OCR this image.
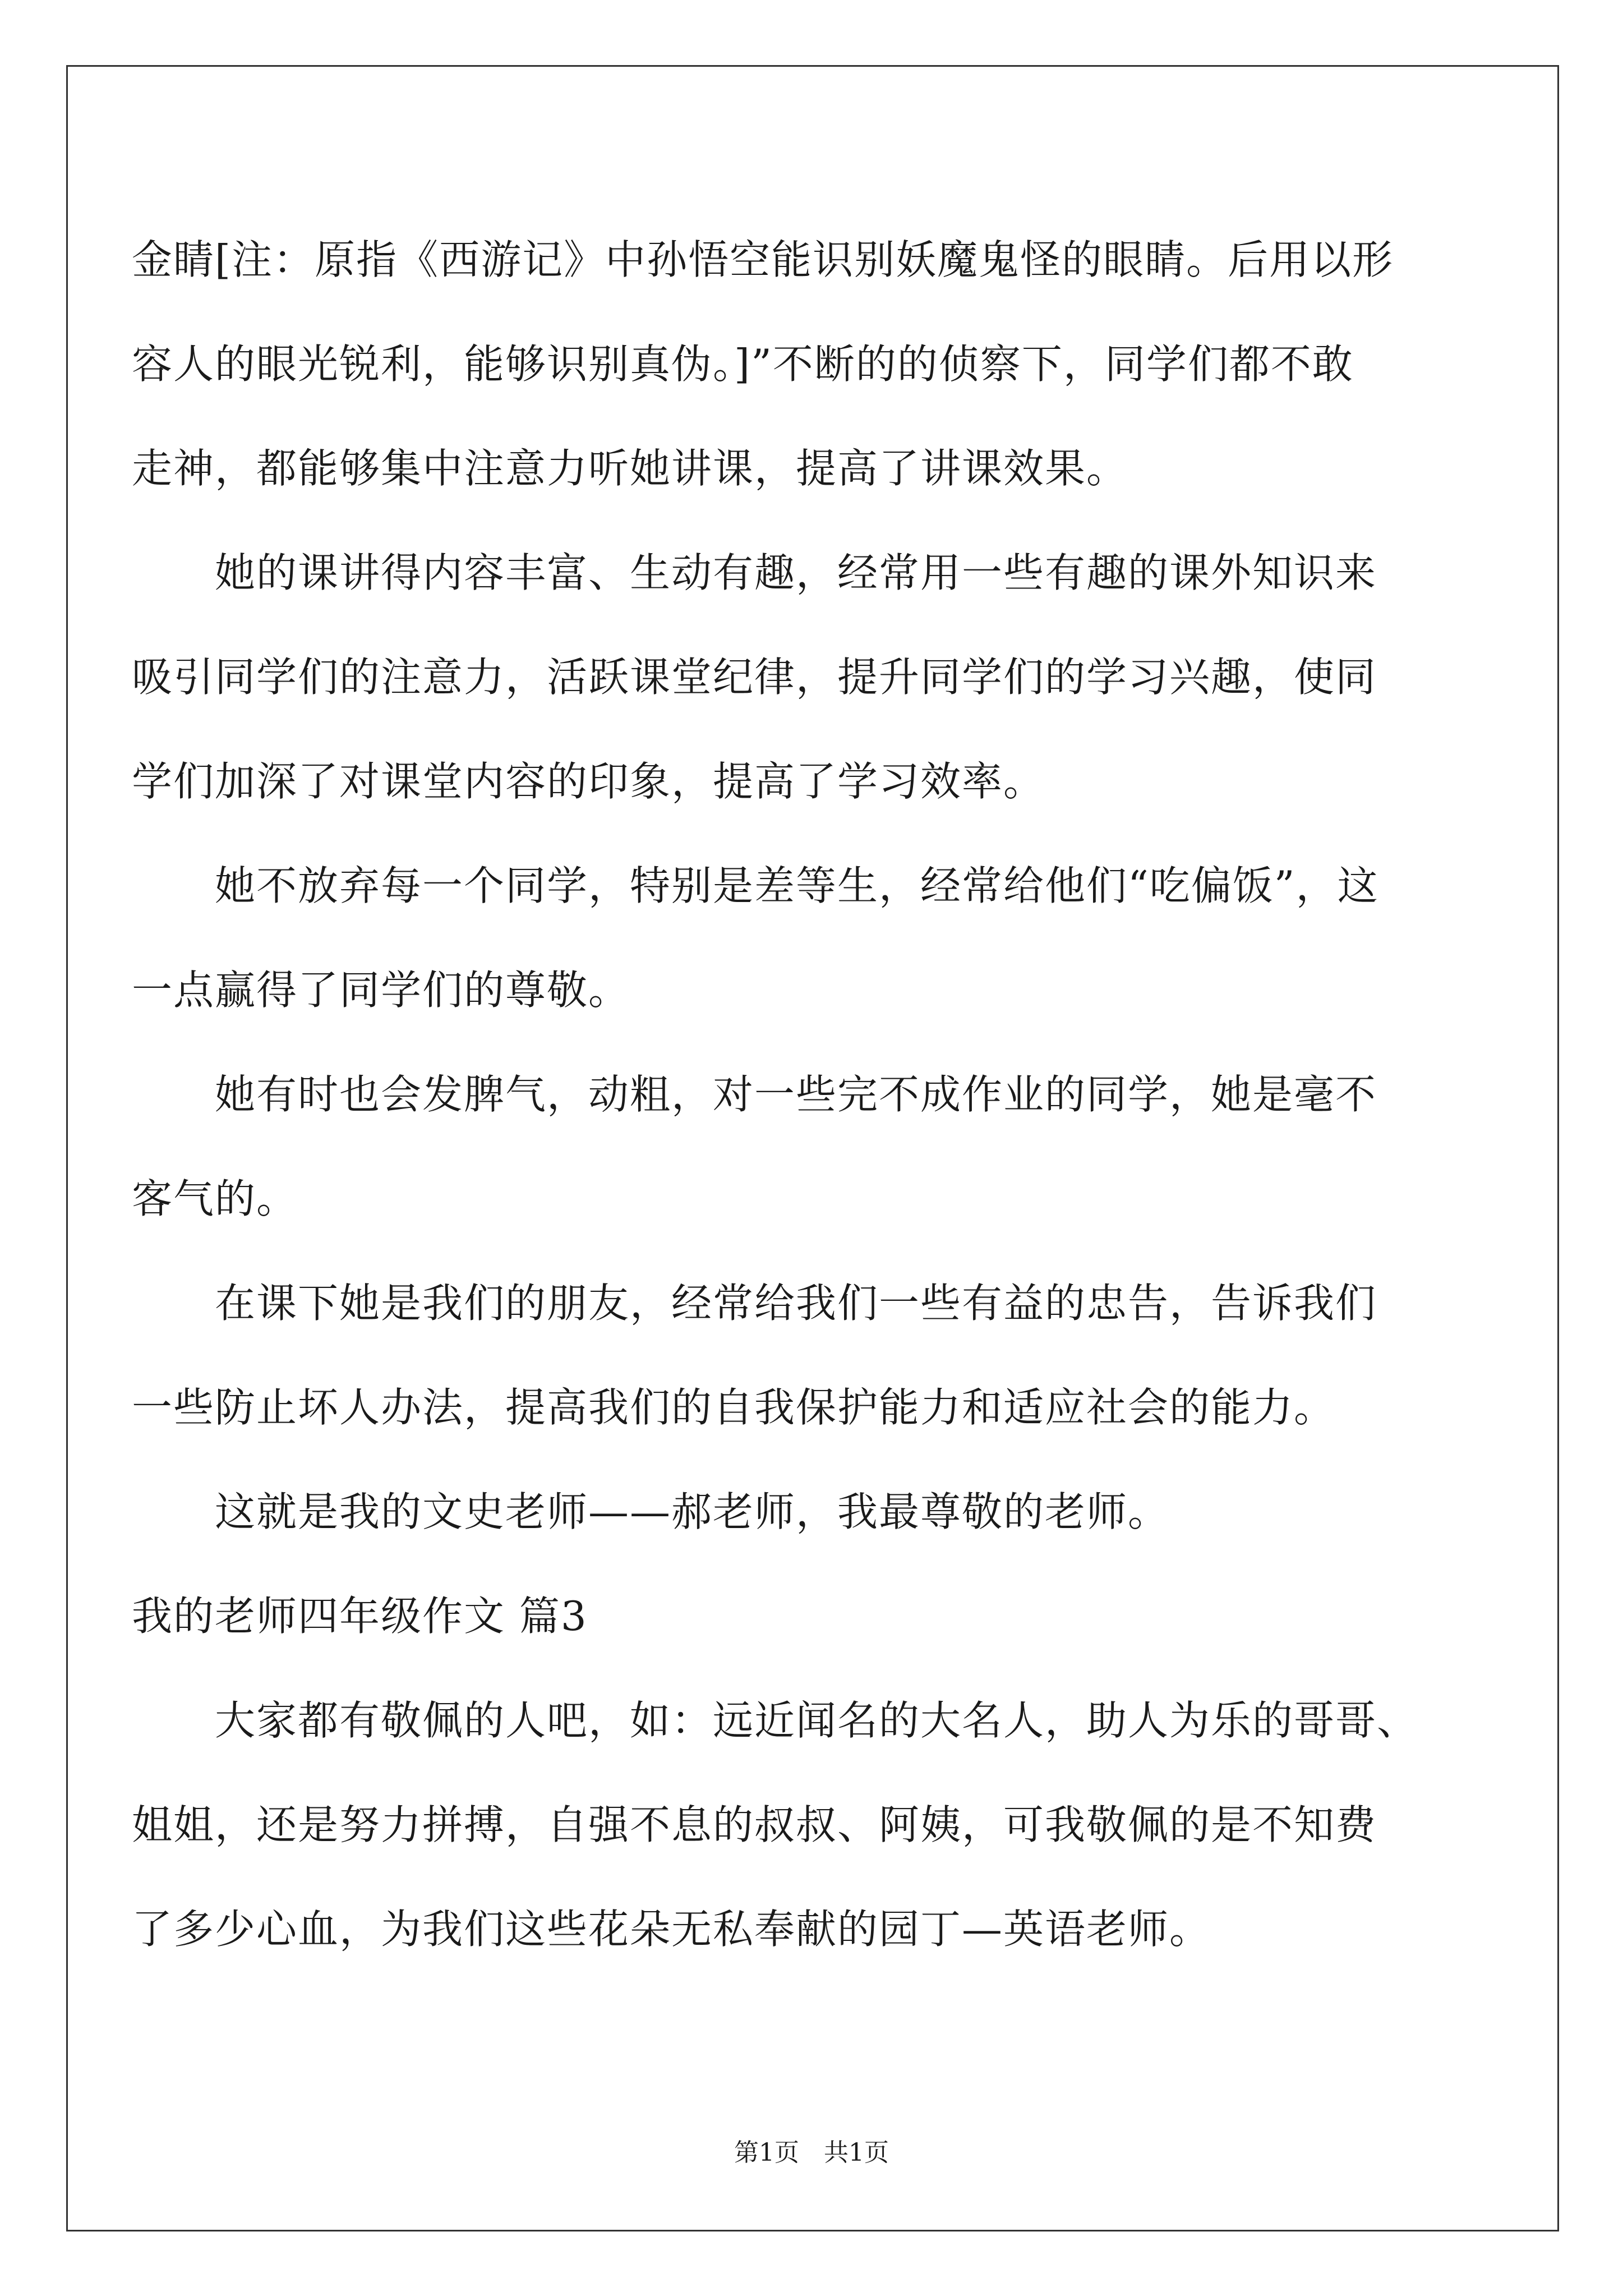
金睛[注：原指《西游记》中孙悟空能识别妖魔鬼怪的眼睛。后用以形
容人的眼光锐利，能够识别真伪。]”不断的的侦察下，同学们都不敢
走神，都能够集中注意力听她讲课，提高了讲课效果。
她的课讲得内容丰富、生动有趣，经常用一些有趣的课外知识来
吸引同学们的注意力，活跃课堂纪律，提升同学们的学习兴趣，使同
学们加深了对课堂内容的印象，提高了学习效率。
她不放弃每一个同学，特别是差等生，经常给他们“吃偏饭”，这
一点赢得了同学们的尊敬。
她有时也会发脾气，动粗，对一些完不成作业的同学，她是毫不
客气的。
在课下她是我们的朋友，经常给我们一些有益的忠告，告诉我们
一些防止坏人办法，提高我们的自我保护能力和适应社会的能力。
这就是我的文史老师——郝老师，我最尊敬的老师。
我的老师四年级作文 篇3
大家都有敬佩的人吧，如：远近闻名的大名人，助人为乐的哥哥、
姐姐，还是努力拼搏，自强不息的叔叔、阿姨，可我敬佩的是不知费
了多少心血，为我们这些花朵无私奉献的园丁—英语老师。
第1页　共1页
